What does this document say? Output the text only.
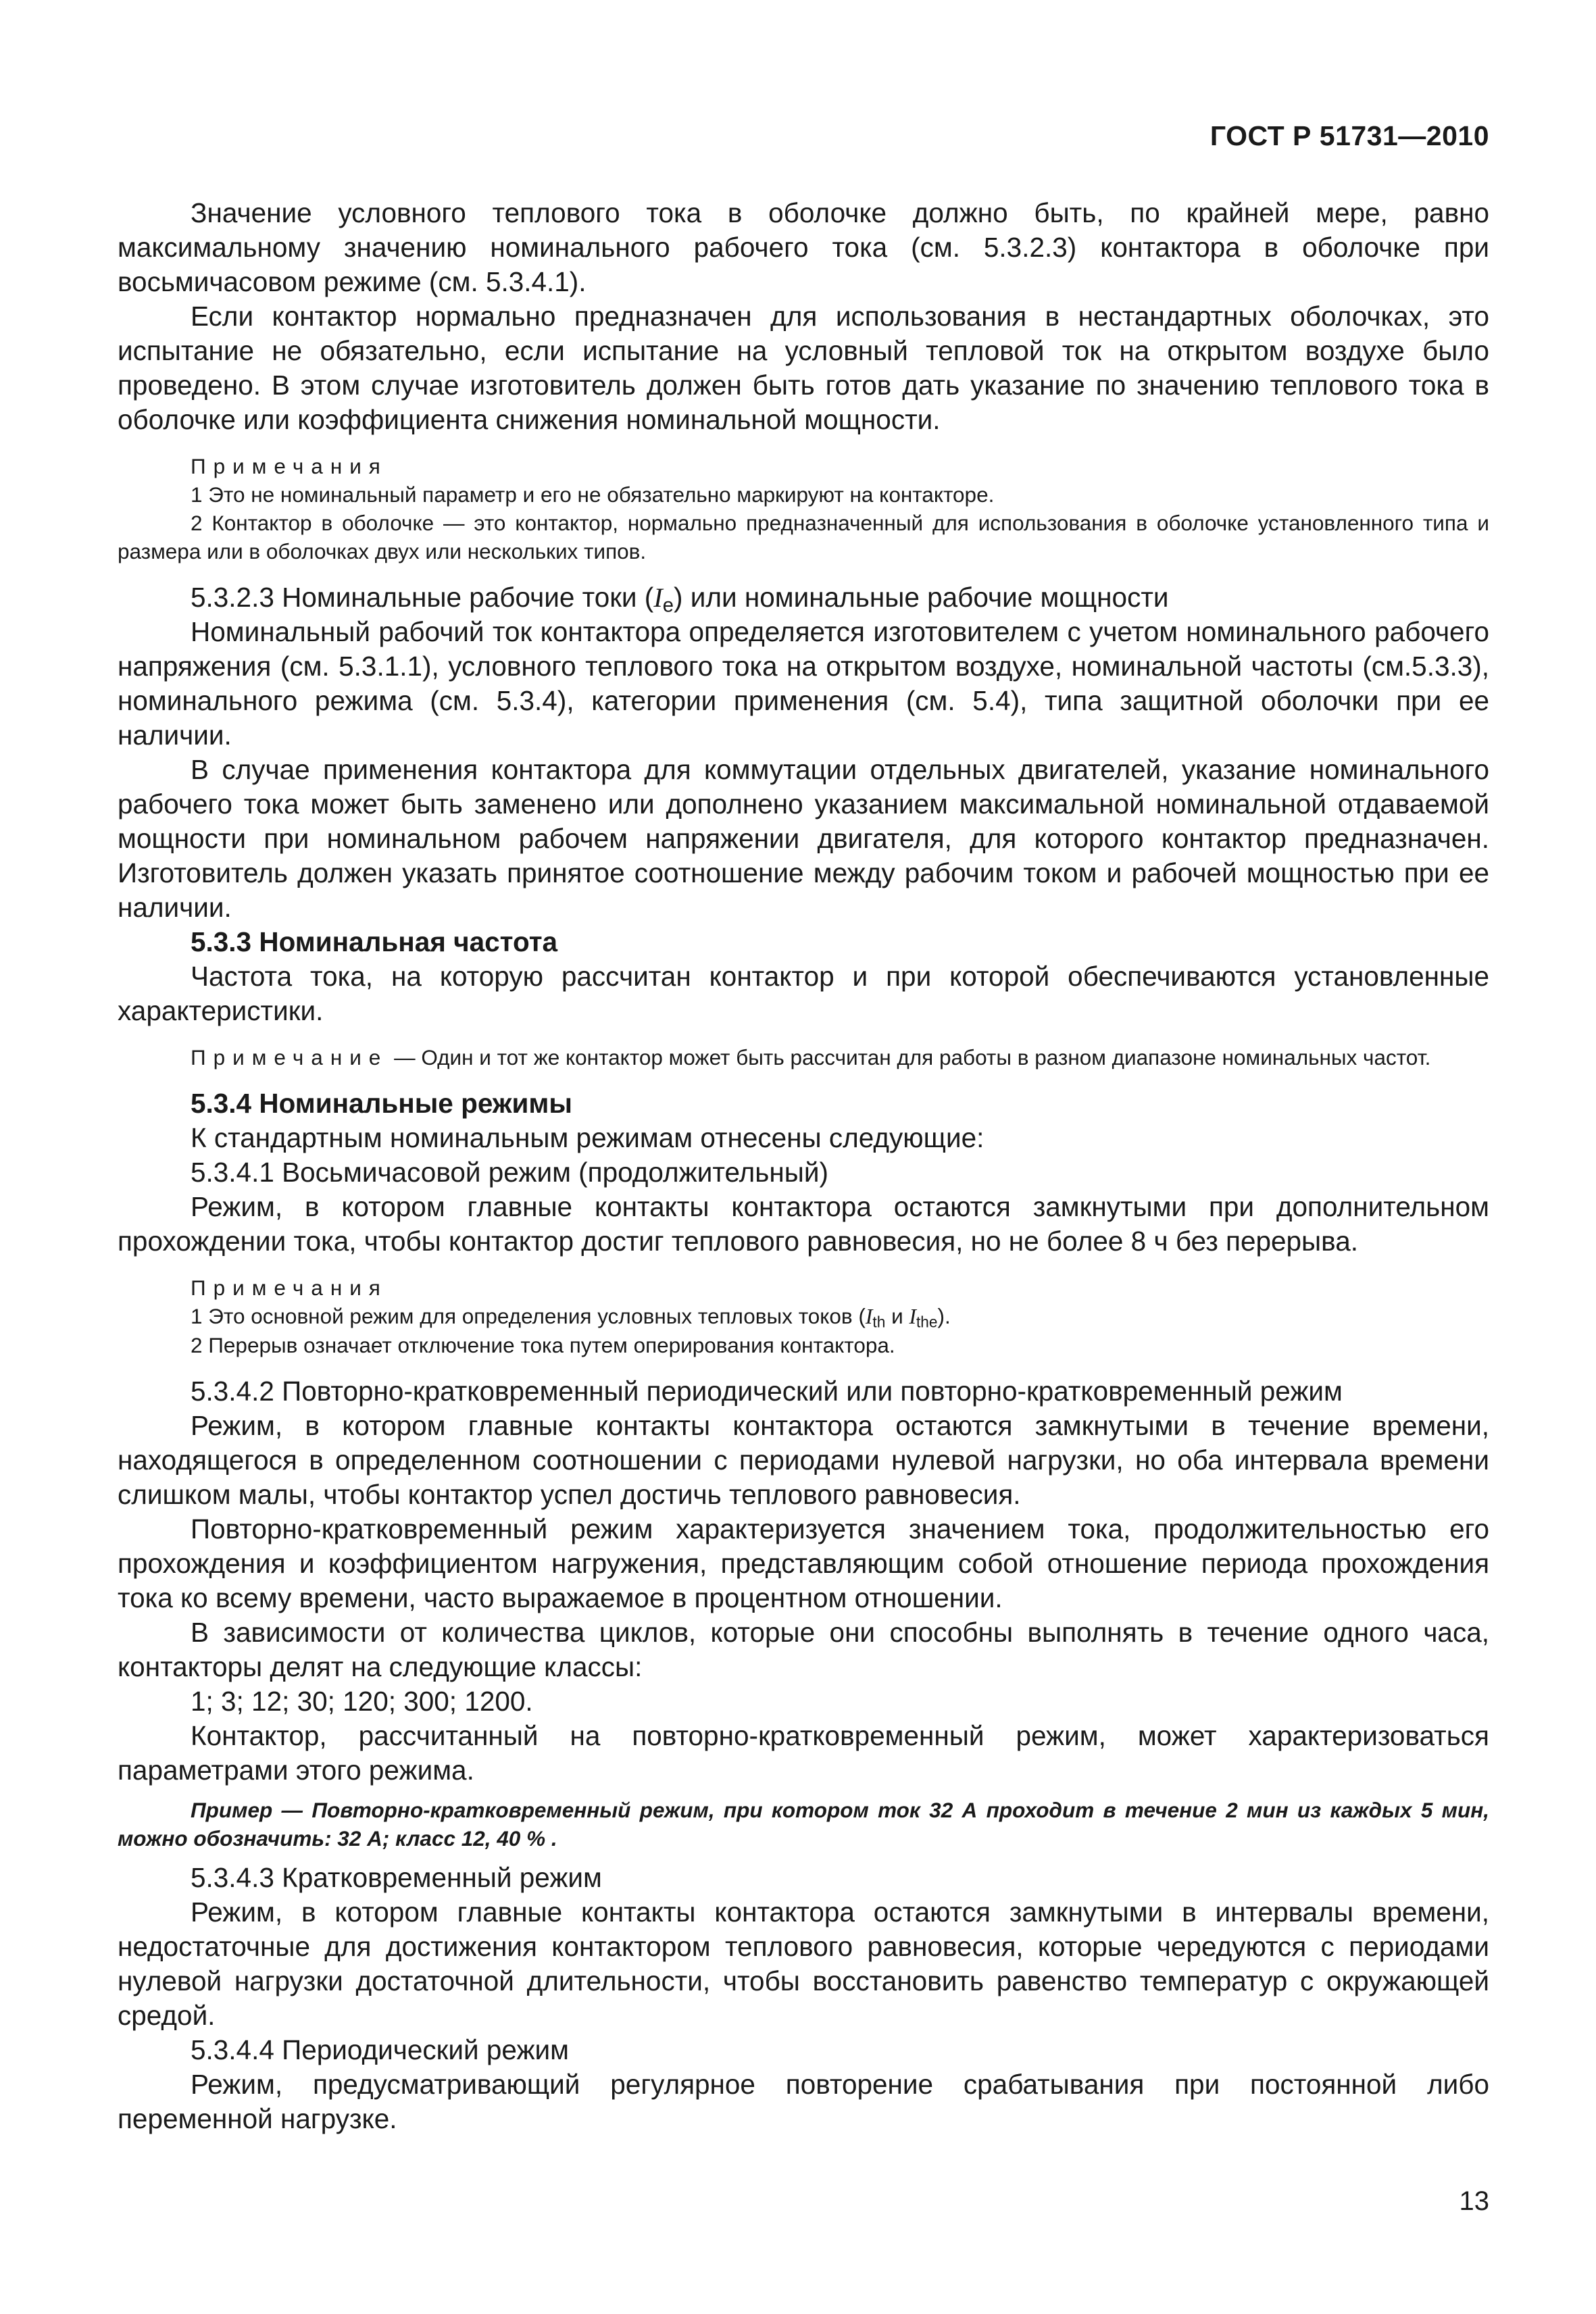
ГОСТ Р 51731—2010

Значение условного теплового тока в оболочке должно быть, по крайней мере, равно максимальному значению номинального рабочего тока (см. 5.3.2.3) контактора в оболочке при восьмичасовом режиме (см. 5.3.4.1).

Если контактор нормально предназначен для использования в нестандартных оболочках, это испытание не обязательно, если испытание на условный тепловой ток на открытом воздухе было проведено. В этом случае изготовитель должен быть готов дать указание по значению теплового тока в оболочке или коэффициента снижения номинальной мощности.

Примечания

1 Это не номинальный параметр и его не обязательно маркируют на контакторе.

2 Контактор в оболочке — это контактор, нормально предназначенный для использования в оболочке установленного типа и размера или в оболочках двух или нескольких типов.

5.3.2.3 Номинальные рабочие токи $(I_e)$ или номинальные рабочие мощности

Номинальный рабочий ток контактора определяется изготовителем с учетом номинального рабочего напряжения (см. 5.3.1.1), условного теплового тока на открытом воздухе, номинальной частоты (см.5.3.3), номинального режима (см. 5.3.4), категории применения (см. 5.4), типа защитной оболочки при ее наличии.

В случае применения контактора для коммутации отдельных двигателей, указание номинального рабочего тока может быть заменено или дополнено указанием максимальной номинальной отдаваемой мощности при номинальном рабочем напряжении двигателя, для которого контактор предназначен. Изготовитель должен указать принятое соотношение между рабочим током и рабочей мощностью при ее наличии.

5.3.3 Номинальная частота

Частота тока, на которую рассчитан контактор и при которой обеспечиваются установленные характеристики.

Примечание — Один и тот же контактор может быть рассчитан для работы в разном диапазоне номинальных частот.

5.3.4 Номинальные режимы

К стандартным номинальным режимам отнесены следующие:

5.3.4.1 Восьмичасовой режим (продолжительный)

Режим, в котором главные контакты контактора остаются замкнутыми при дополнительном прохождении тока, чтобы контактор достиг теплового равновесия, но не более 8 ч без перерыва.

Примечания

1 Это основной режим для определения условных тепловых токов ($I_{th}$ и $I_{the}$).

2 Перерыв означает отключение тока путем оперирования контактора.

5.3.4.2 Повторно-кратковременный периодический или повторно-кратковременный режим

Режим, в котором главные контакты контактора остаются замкнутыми в течение времени, находящегося в определенном соотношении с периодами нулевой нагрузки, но оба интервала времени слишком малы, чтобы контактор успел достичь теплового равновесия.

Повторно-кратковременный режим характеризуется значением тока, продолжительностью его прохождения и коэффициентом нагружения, представляющим собой отношение периода прохождения тока ко всему времени, часто выражаемое в процентном отношении.

В зависимости от количества циклов, которые они способны выполнять в течение одного часа, контакторы делят на следующие классы:

1; 3; 12; 30; 120; 300; 1200.

Контактор, рассчитанный на повторно-кратковременный режим, может характеризоваться параметрами этого режима.

Пример — Повторно-кратковременный режим, при котором ток 32 А проходит в течение 2 мин из каждых 5 мин, можно обозначить: 32 А; класс 12, 40 % .

5.3.4.3 Кратковременный режим

Режим, в котором главные контакты контактора остаются замкнутыми в интервалы времени, недостаточные для достижения контактором теплового равновесия, которые чередуются с периодами нулевой нагрузки достаточной длительности, чтобы восстановить равенство температур с окружающей средой.

5.3.4.4 Периодический режим

Режим, предусматривающий регулярное повторение срабатывания при постоянной либо переменной нагрузке.

13
